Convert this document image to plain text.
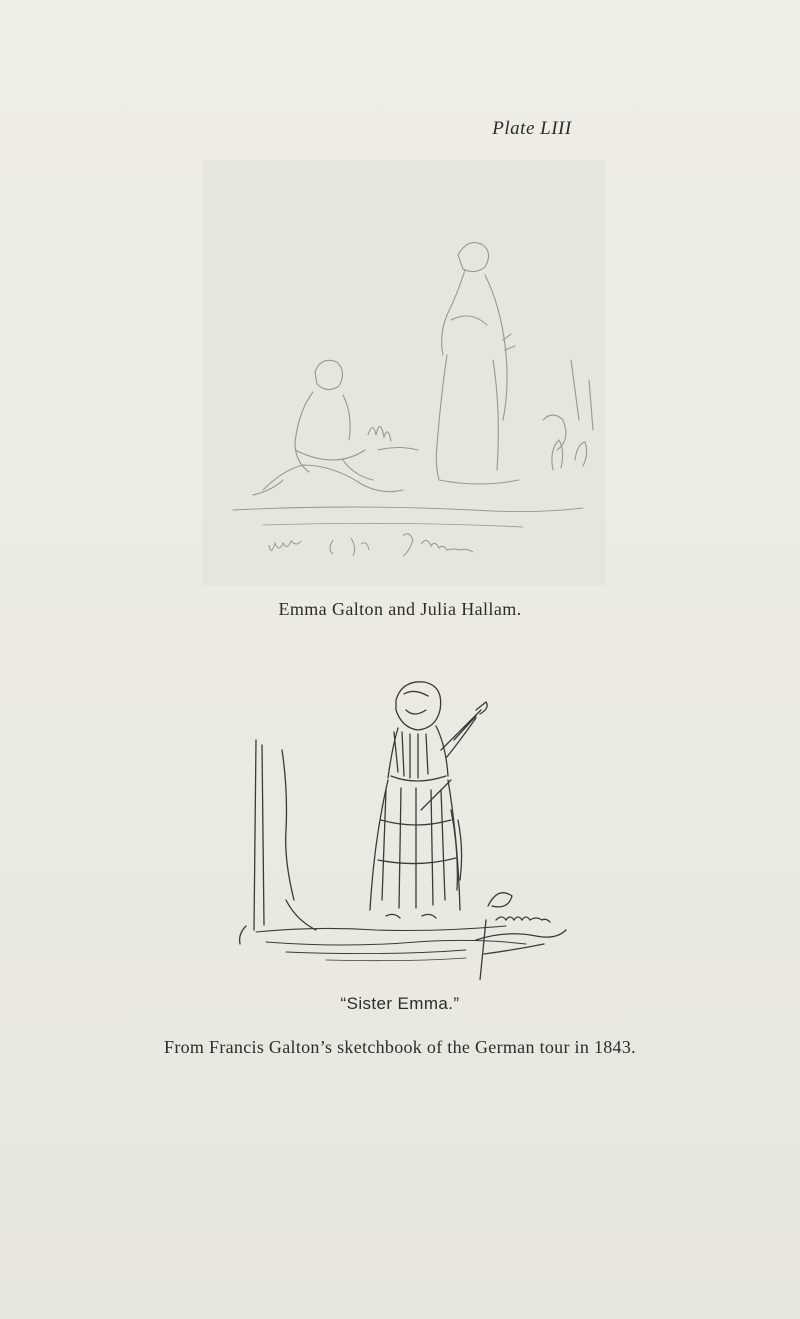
Plate LIII
Emma Galton and Julia Hallam.
“Sister Emma.”
From Francis Galton’s sketchbook of the German tour in 1843.
